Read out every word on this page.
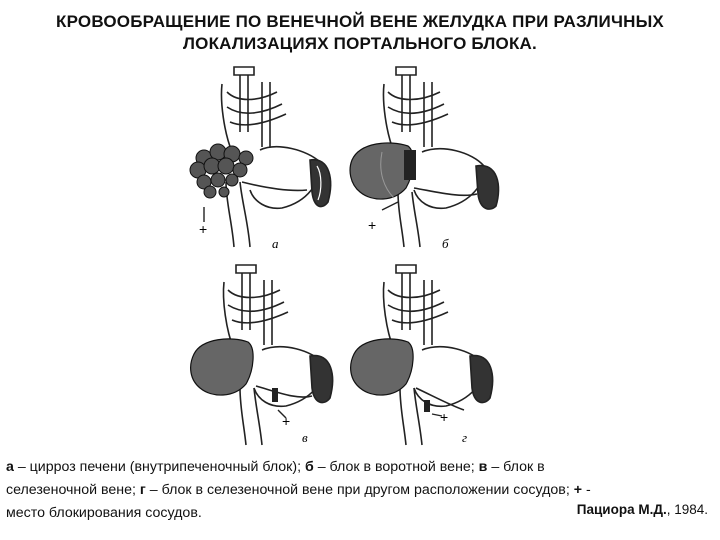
КРОВООБРАЩЕНИЕ ПО ВЕНЕЧНОЙ ВЕНЕ ЖЕЛУДКА ПРИ РАЗЛИЧНЫХ
ЛОКАЛИЗАЦИЯХ ПОРТАЛЬНОГО БЛОКА.
+
а
+
б
+
в
+
г
а – цирроз печени (внутрипеченочный блок); б – блок в воротной вене; в – блок в
селезеночной вене; г – блок в селезеночной вене при другом расположении сосудов; + -
место блокирования сосудов.	Пациора М.Д., 1984.
